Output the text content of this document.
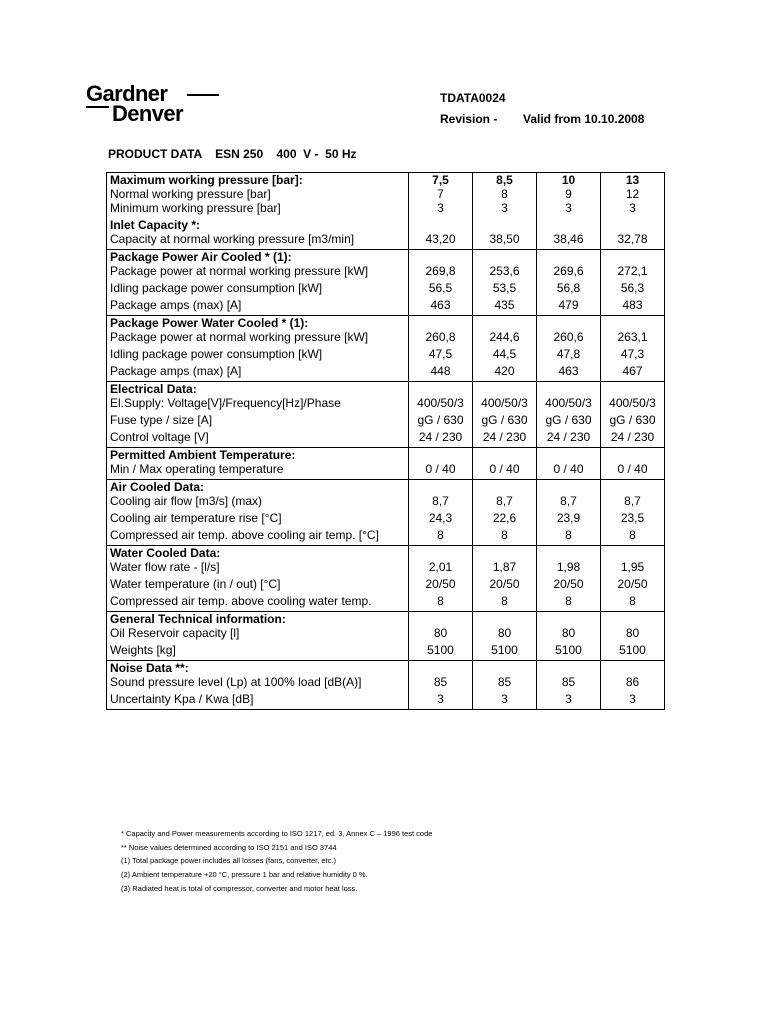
Gardner
Denver
TDATA0024
Revision - Valid from 10.10.2008
PRODUCT DATA    ESN 250    400  V -  50 Hz
Maximum working pressure [bar]:	7,5	8,5	10	13
Normal working pressure [bar]	7	8	9	12
Minimum working pressure [bar]	3	3	3	3
Inlet Capacity *:				
Capacity at normal working pressure [m3/min]	43,20	38,50	38,46	32,78
Package Power Air Cooled * (1):				
Package power at normal working pressure [kW]	269,8	253,6	269,6	272,1
Idling package power consumption [kW]	56,5	53,5	56,8	56,3
Package amps (max) [A]	463	435	479	483
Package Power Water Cooled * (1):				
Package power at normal working pressure [kW]	260,8	244,6	260,6	263,1
Idling package power consumption [kW]	47,5	44,5	47,8	47,3
Package amps (max) [A]	448	420	463	467
Electrical Data:				
El.Supply: Voltage[V]/Frequency[Hz]/Phase	400/50/3	400/50/3	400/50/3	400/50/3
Fuse type / size [A]	gG / 630	gG / 630	gG / 630	gG / 630
Control voltage [V]	24 / 230	24 / 230	24 / 230	24 / 230
Permitted Ambient Temperature:				
Min / Max operating temperature	0 / 40	0 / 40	0 / 40	0 / 40
Air Cooled Data:				
Cooling air flow [m3/s] (max)	8,7	8,7	8,7	8,7
Cooling air temperature rise [°C]	24,3	22,6	23,9	23,5
Compressed air temp. above cooling air temp. [°C]	8	8	8	8
Water Cooled Data:				
Water flow rate - [l/s]	2,01	1,87	1,98	1,95
Water temperature (in / out) [°C]	20/50	20/50	20/50	20/50
Compressed air temp. above cooling water temp.	8	8	8	8
General Technical information:				
Oil Reservoir capacity [l]	80	80	80	80
Weights [kg]	5100	5100	5100	5100
Noise Data **:				
Sound pressure level (Lp) at 100% load [dB(A)]	85	85	85	86
Uncertainty Kpa / Kwa [dB]	3	3	3	3
* Capacity and Power measurements according to ISO 1217, ed. 3, Annex C – 1996 test code
** Noise values determined according to ISO 2151 and ISO 3744
(1) Total package power includes all losses (fans, converter, etc.)
(2) Ambient temperature +20 °C, pressure 1 bar and relative humidity 0 %.
(3) Radiated heat is total of compressor, converter and motor heat loss.
